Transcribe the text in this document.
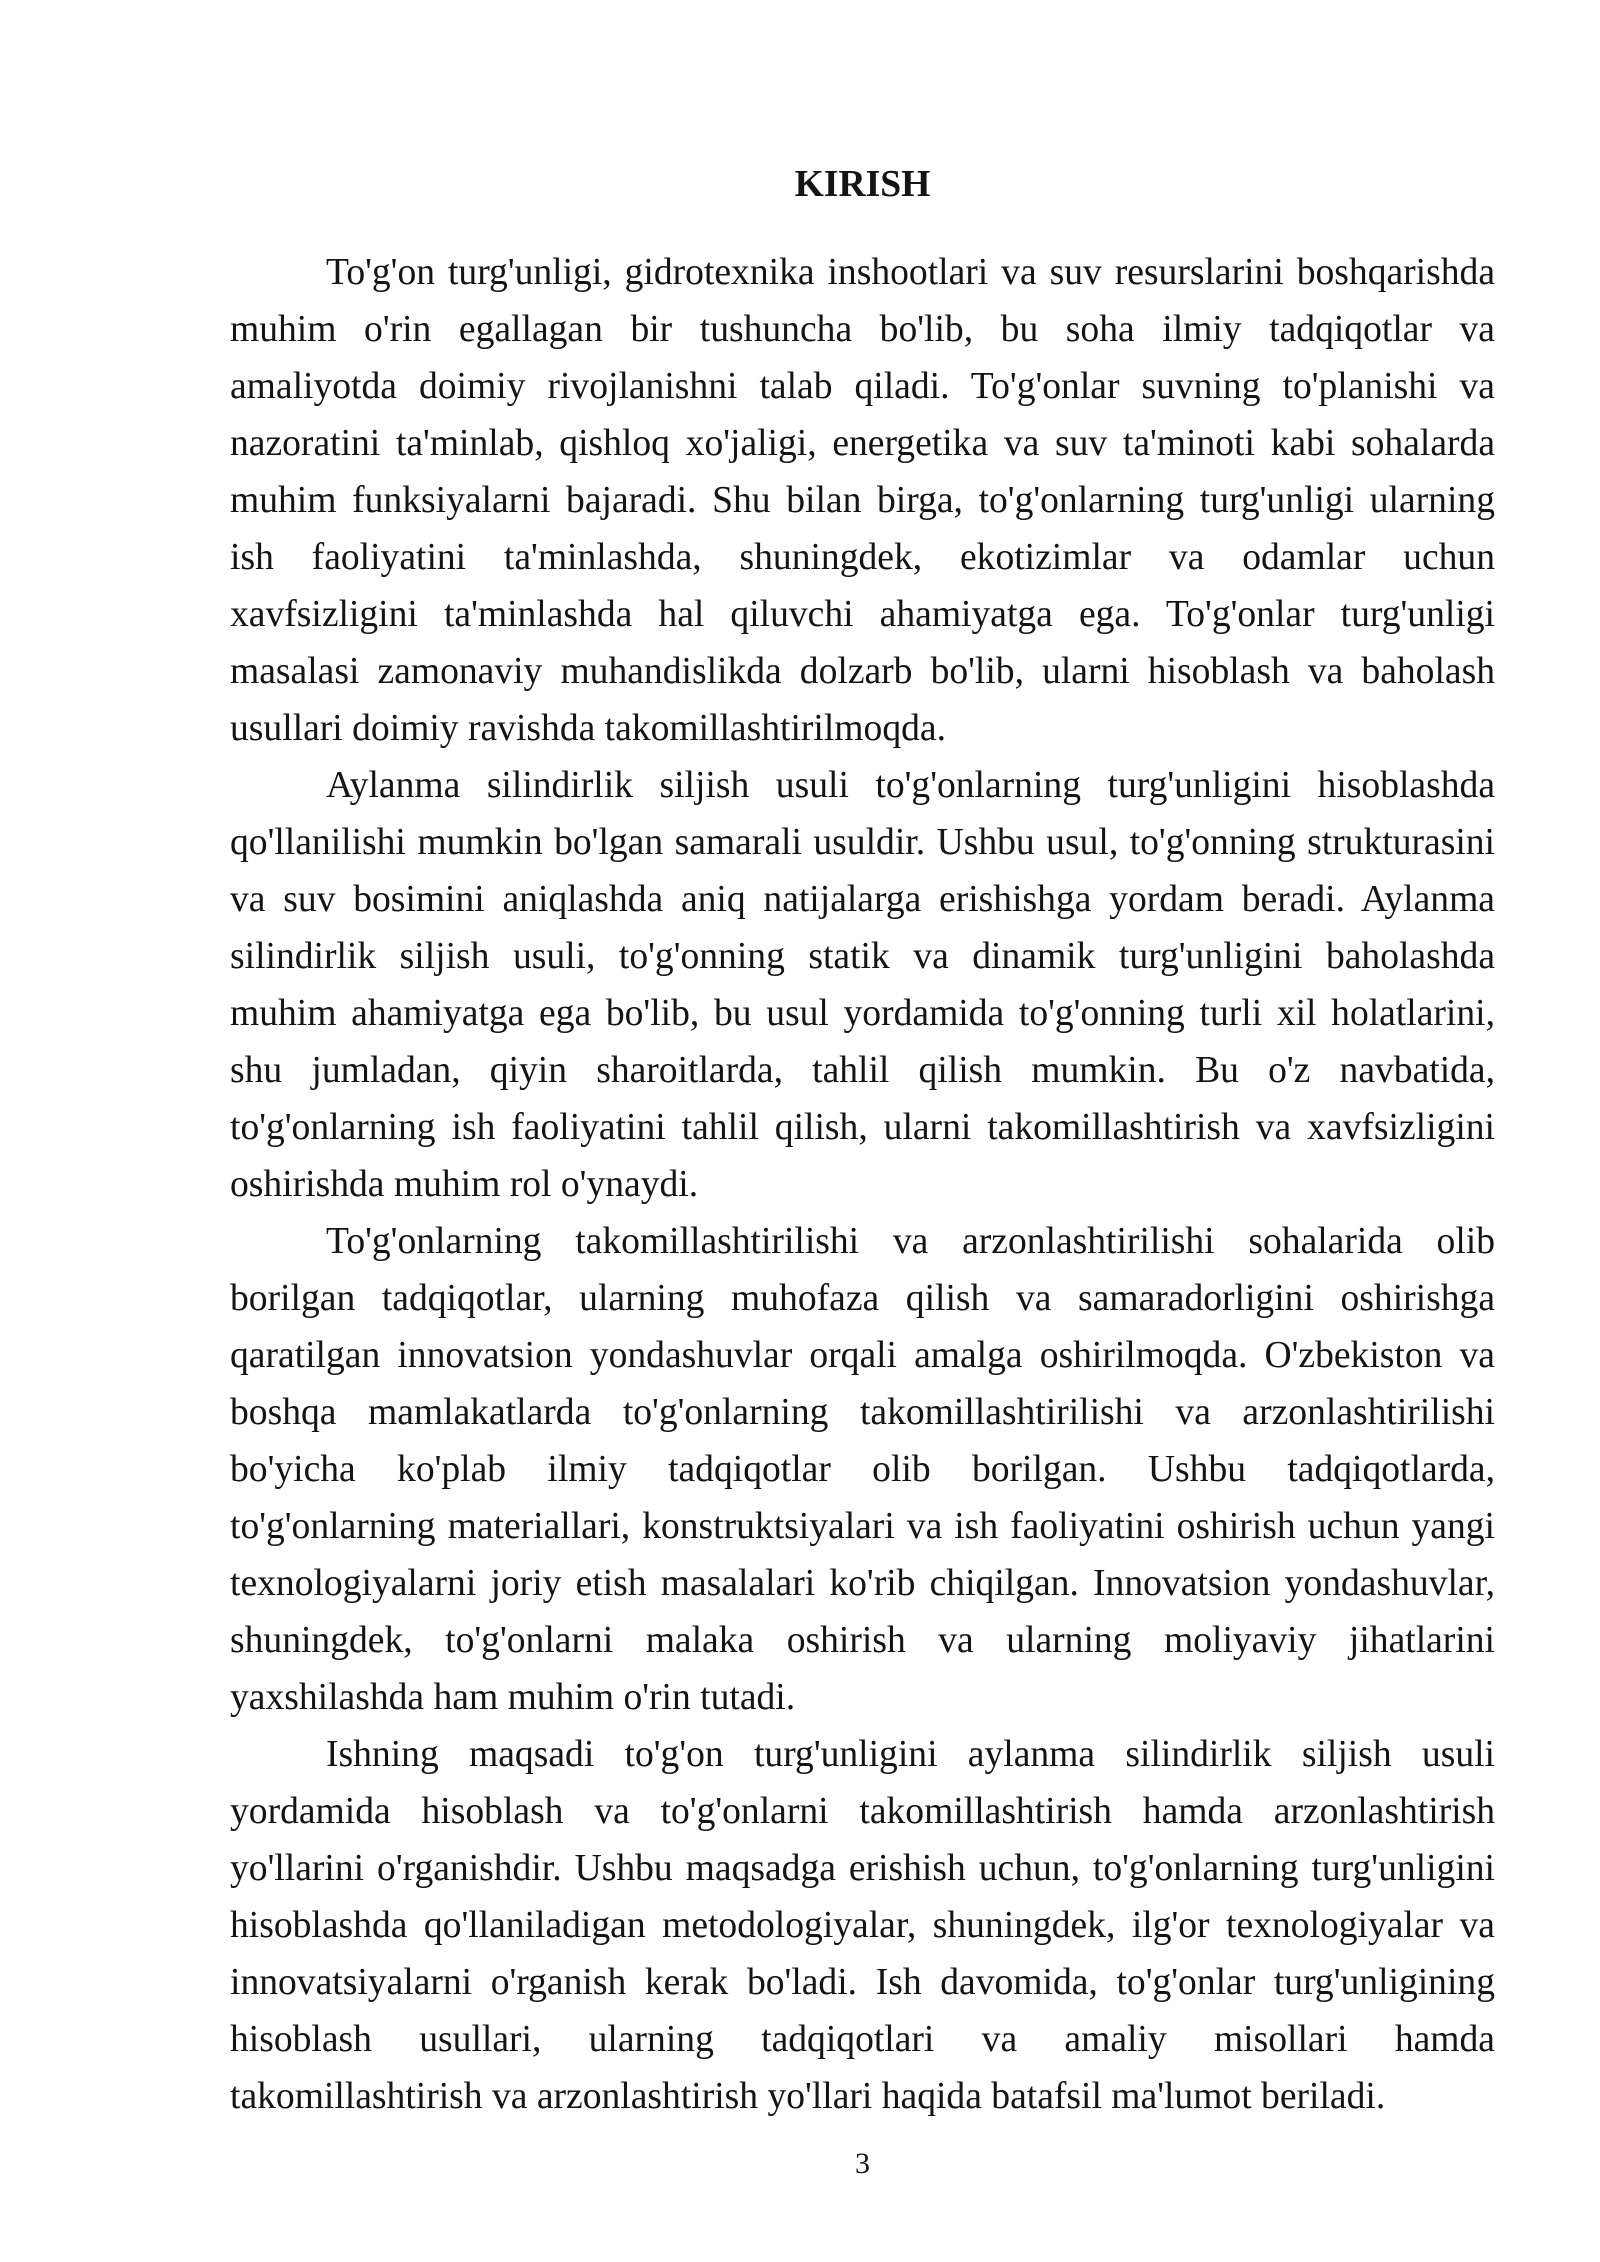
KIRISH
To'g'on turg'unligi, gidrotexnika inshootlari va suv resurslarini boshqarishda
muhim o'rin egallagan bir tushuncha bo'lib, bu soha ilmiy tadqiqotlar va
amaliyotda doimiy rivojlanishni talab qiladi. To'g'onlar suvning to'planishi va
nazoratini ta'minlab, qishloq xo'jaligi, energetika va suv ta'minoti kabi sohalarda
muhim funksiyalarni bajaradi. Shu bilan birga, to'g'onlarning turg'unligi ularning
ish faoliyatini ta'minlashda, shuningdek, ekotizimlar va odamlar uchun
xavfsizligini ta'minlashda hal qiluvchi ahamiyatga ega. To'g'onlar turg'unligi
masalasi zamonaviy muhandislikda dolzarb bo'lib, ularni hisoblash va baholash
usullari doimiy ravishda takomillashtirilmoqda.
Aylanma silindirlik siljish usuli to'g'onlarning turg'unligini hisoblashda
qo'llanilishi mumkin bo'lgan samarali usuldir. Ushbu usul, to'g'onning strukturasini
va suv bosimini aniqlashda aniq natijalarga erishishga yordam beradi. Aylanma
silindirlik siljish usuli, to'g'onning statik va dinamik turg'unligini baholashda
muhim ahamiyatga ega bo'lib, bu usul yordamida to'g'onning turli xil holatlarini,
shu jumladan, qiyin sharoitlarda, tahlil qilish mumkin. Bu o'z navbatida,
to'g'onlarning ish faoliyatini tahlil qilish, ularni takomillashtirish va xavfsizligini
oshirishda muhim rol o'ynaydi.
To'g'onlarning takomillashtirilishi va arzonlashtirilishi sohalarida olib
borilgan tadqiqotlar, ularning muhofaza qilish va samaradorligini oshirishga
qaratilgan innovatsion yondashuvlar orqali amalga oshirilmoqda. O'zbekiston va
boshqa mamlakatlarda to'g'onlarning takomillashtirilishi va arzonlashtirilishi
bo'yicha ko'plab ilmiy tadqiqotlar olib borilgan. Ushbu tadqiqotlarda,
to'g'onlarning materiallari, konstruktsiyalari va ish faoliyatini oshirish uchun yangi
texnologiyalarni joriy etish masalalari ko'rib chiqilgan. Innovatsion yondashuvlar,
shuningdek, to'g'onlarni malaka oshirish va ularning moliyaviy jihatlarini
yaxshilashda ham muhim o'rin tutadi.
Ishning maqsadi to'g'on turg'unligini aylanma silindirlik siljish usuli
yordamida hisoblash va to'g'onlarni takomillashtirish hamda arzonlashtirish
yo'llarini o'rganishdir. Ushbu maqsadga erishish uchun, to'g'onlarning turg'unligini
hisoblashda qo'llaniladigan metodologiyalar, shuningdek, ilg'or texnologiyalar va
innovatsiyalarni o'rganish kerak bo'ladi. Ish davomida, to'g'onlar turg'unligining
hisoblash usullari, ularning tadqiqotlari va amaliy misollari hamda
takomillashtirish va arzonlashtirish yo'llari haqida batafsil ma'lumot beriladi.
3
